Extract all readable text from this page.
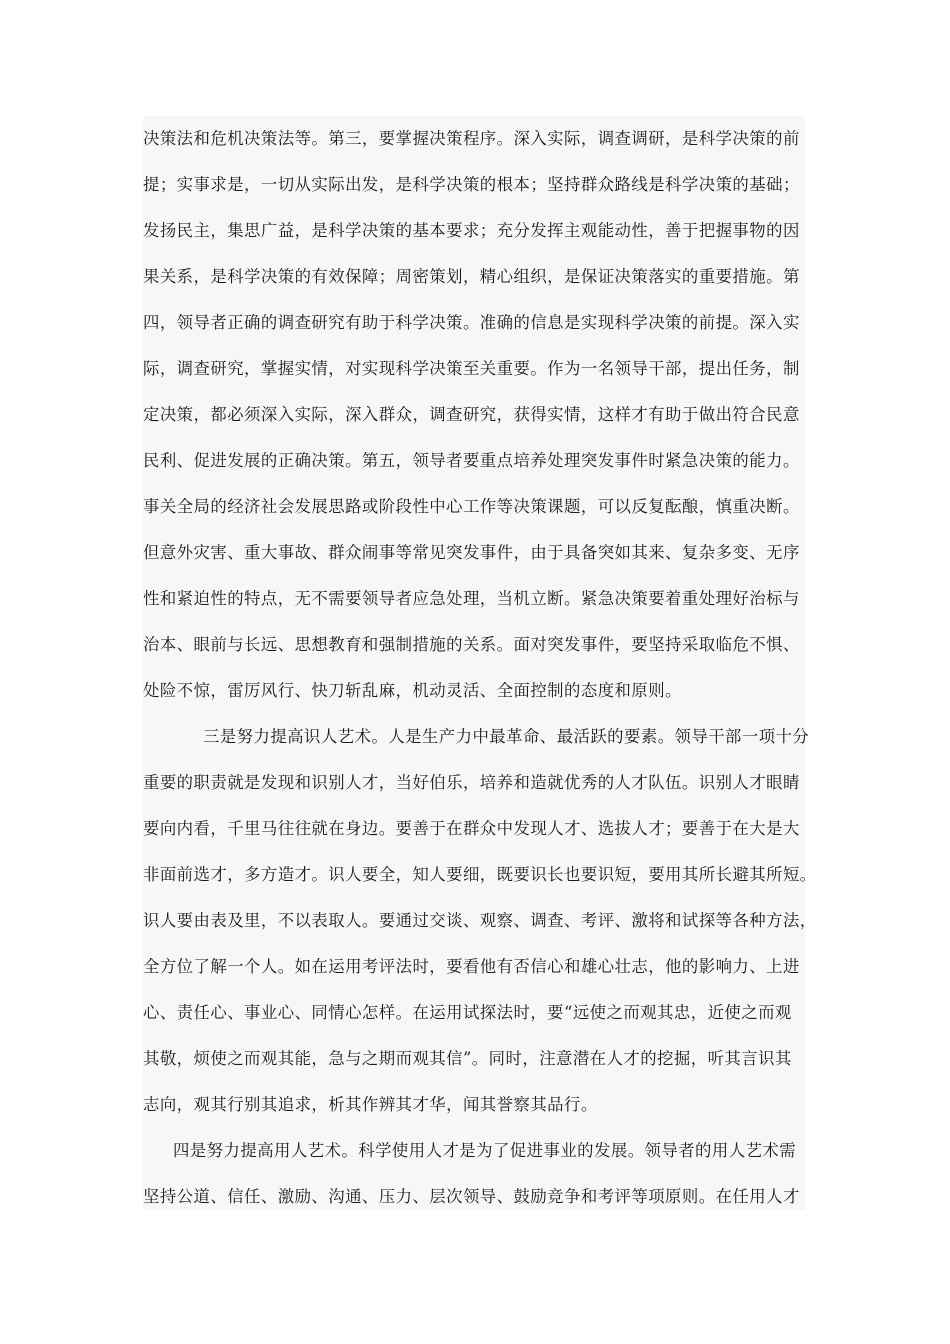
决策法和危机决策法等。第三，要掌握决策程序。深入实际，调查调研，是科学决策的前
提；实事求是，一切从实际出发，是科学决策的根本；坚持群众路线是科学决策的基础；
发扬民主，集思广益，是科学决策的基本要求；充分发挥主观能动性，善于把握事物的因
果关系，是科学决策的有效保障；周密策划，精心组织，是保证决策落实的重要措施。第
四，领导者正确的调查研究有助于科学决策。准确的信息是实现科学决策的前提。深入实
际，调查研究，掌握实情，对实现科学决策至关重要。作为一名领导干部，提出任务，制
定决策，都必须深入实际，深入群众，调查研究，获得实情，这样才有助于做出符合民意
民利、促进发展的正确决策。第五，领导者要重点培养处理突发事件时紧急决策的能力。
事关全局的经济社会发展思路或阶段性中心工作等决策课题，可以反复酝酿，慎重决断。
但意外灾害、重大事故、群众闹事等常见突发事件，由于具备突如其来、复杂多变、无序
性和紧迫性的特点，无不需要领导者应急处理，当机立断。紧急决策要着重处理好治标与
治本、眼前与长远、思想教育和强制措施的关系。面对突发事件，要坚持采取临危不惧、
处险不惊，雷厉风行、快刀斩乱麻，机动灵活、全面控制的态度和原则。
三是努力提高识人艺术。人是生产力中最革命、最活跃的要素。领导干部一项十分
重要的职责就是发现和识别人才，当好伯乐，培养和造就优秀的人才队伍。识别人才眼睛
要向内看，千里马往往就在身边。要善于在群众中发现人才、选拔人才；要善于在大是大
非面前选才，多方造才。识人要全，知人要细，既要识长也要识短，要用其所长避其所短。
识人要由表及里，不以表取人。要通过交谈、观察、调查、考评、激将和试探等各种方法，
全方位了解一个人。如在运用考评法时，要看他有否信心和雄心壮志，他的影响力、上进
心、责任心、事业心、同情心怎样。在运用试探法时，要“远使之而观其忠，近使之而观
其敬，烦使之而观其能，急与之期而观其信”。同时，注意潜在人才的挖掘，听其言识其
志向，观其行别其追求，析其作辨其才华，闻其誉察其品行。
四是努力提高用人艺术。科学使用人才是为了促进事业的发展。领导者的用人艺术需
坚持公道、信任、激励、沟通、压力、层次领导、鼓励竞争和考评等项原则。在任用人才
